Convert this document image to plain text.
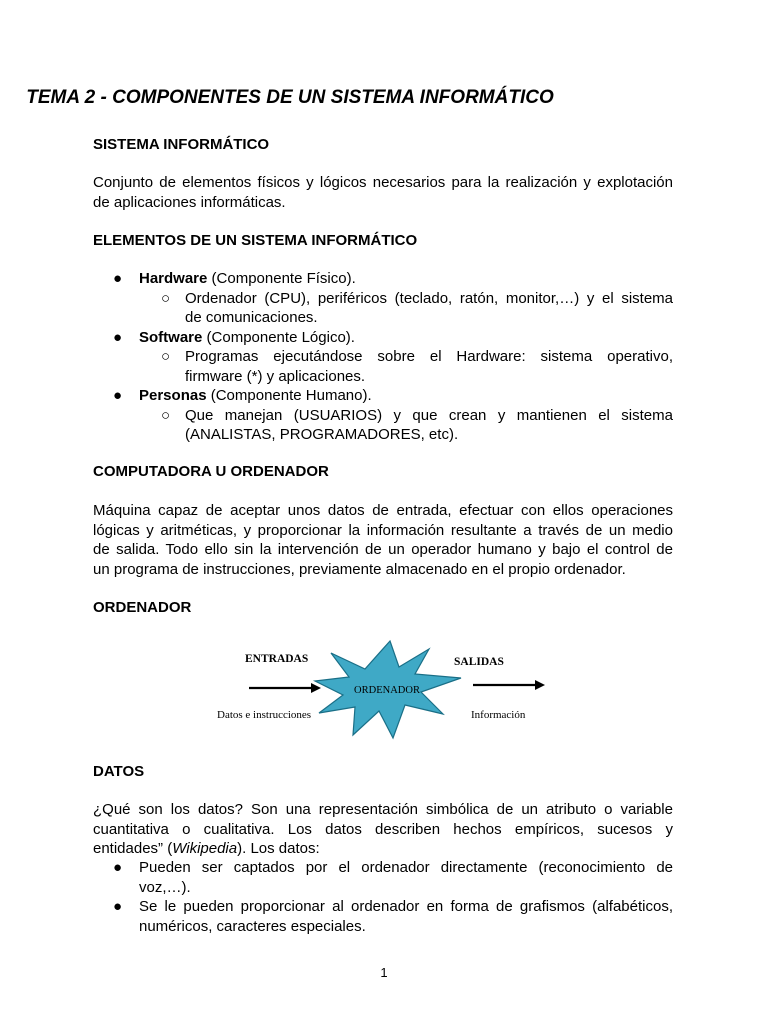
TEMA 2 - COMPONENTES DE UN SISTEMA INFORMÁTICO

SISTEMA INFORMÁTICO

Conjunto de elementos físicos y lógicos necesarios para la realización y explotación
de aplicaciones informáticas.

ELEMENTOS DE UN SISTEMA INFORMÁTICO

● Hardware (Componente Físico).
○ Ordenador (CPU), periféricos (teclado, ratón, monitor,…) y el sistema
de comunicaciones.
● Software (Componente Lógico).
○ Programas ejecutándose sobre el Hardware: sistema operativo,
firmware (*) y aplicaciones.
● Personas (Componente Humano).
○ Que manejan (USUARIOS) y que crean y mantienen el sistema
(ANALISTAS, PROGRAMADORES, etc).

COMPUTADORA U ORDENADOR

Máquina capaz de aceptar unos datos de entrada, efectuar con ellos operaciones
lógicas y aritméticas, y proporcionar la información resultante a través de un medio
de salida. Todo ello sin la intervención de un operador humano y bajo el control de
un programa de instrucciones, previamente almacenado en el propio ordenador.

ORDENADOR

ENTRADAS
Datos e instrucciones
ORDENADOR
SALIDAS
Información

DATOS

¿Qué son los datos? Son una representación simbólica de un atributo o variable
cuantitativa o cualitativa. Los datos describen hechos empíricos, sucesos y
entidades” (Wikipedia). Los datos:

● Pueden ser captados por el ordenador directamente (reconocimiento de
voz,…).
● Se le pueden proporcionar al ordenador en forma de grafismos (alfabéticos,
numéricos, caracteres especiales.
1
